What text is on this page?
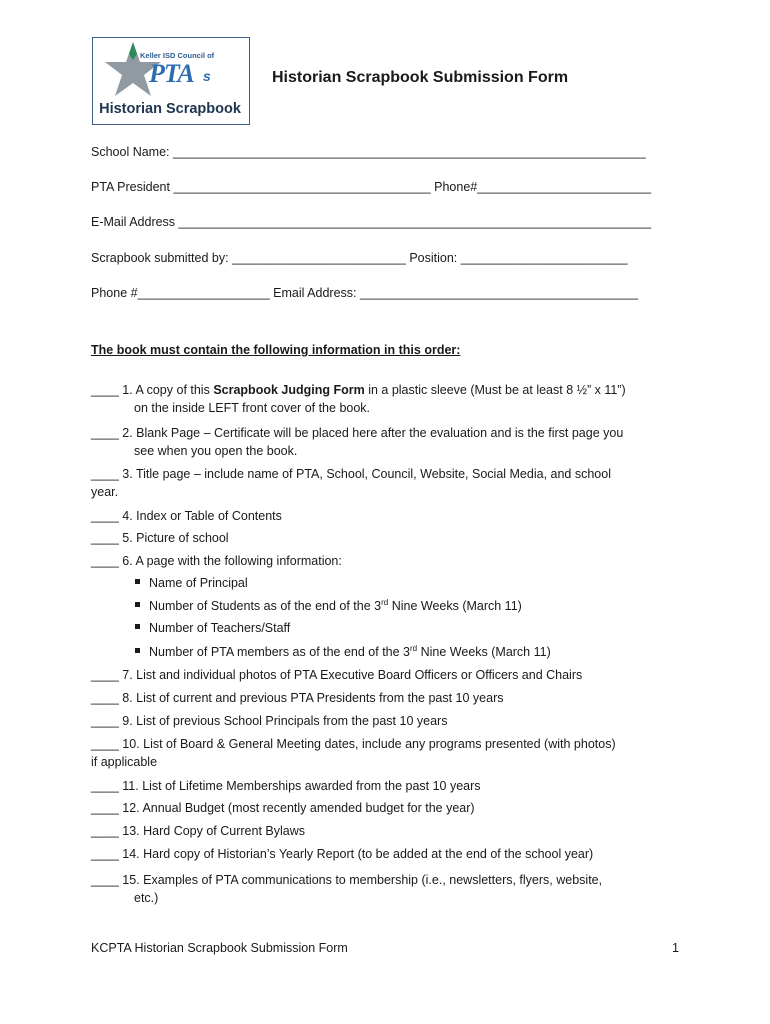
Keller ISD Council of
PTA s
Historian Scrapbook
Historian Scrapbook Submission Form
School Name: ____________________________________________________________________
PTA President _____________________________________ Phone#_________________________
E-Mail Address ____________________________________________________________________
Scrapbook submitted by: _________________________ Position: ________________________
Phone #___________________ Email Address: ________________________________________
The book must contain the following information in this order:
____ 1. A copy of this Scrapbook Judging Form in a plastic sleeve (Must be at least 8 ½” x 11”)
on the inside LEFT front cover of the book.
____ 2. Blank Page – Certificate will be placed here after the evaluation and is the first page you
see when you open the book.
____ 3. Title page – include name of PTA, School, Council, Website, Social Media, and school
year.
____ 4. Index or Table of Contents
____ 5. Picture of school
____ 6. A page with the following information:
Name of Principal
Number of Students as of the end of the 3rd Nine Weeks (March 11)
Number of Teachers/Staff
Number of PTA members as of the end of the 3rd Nine Weeks (March 11)
____ 7. List and individual photos of PTA Executive Board Officers or Officers and Chairs
____ 8. List of current and previous PTA Presidents from the past 10 years
____ 9. List of previous School Principals from the past 10 years
____ 10. List of Board & General Meeting dates, include any programs presented (with photos)
if applicable
____ 11. List of Lifetime Memberships awarded from the past 10 years
____ 12. Annual Budget (most recently amended budget for the year)
____ 13. Hard Copy of Current Bylaws
____ 14. Hard copy of Historian’s Yearly Report (to be added at the end of the school year)
____ 15. Examples of PTA communications to membership (i.e., newsletters, flyers, website,
etc.)
KCPTA Historian Scrapbook Submission Form	1
